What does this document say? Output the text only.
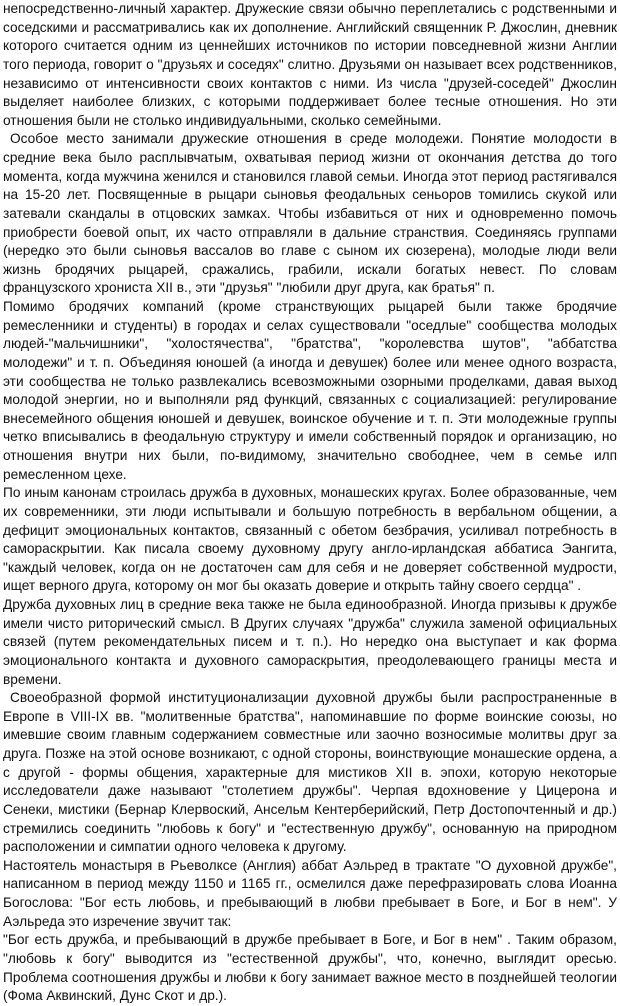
непосредственно-личный характер. Дружеские связи обычно переплетались с родственными и соседскими и рассматривались как их дополнение. Английский священник Р. Джослин, дневник которого считается одним из ценнейших источников по истории повседневной жизни Англии того периода, говорит о "друзьях и соседях" слитно. Друзьями он называет всех родственников, независимо от интенсивности своих контактов с ними. Из числа "друзей-соседей" Джослин выделяет наиболее близких, с которыми поддерживает более тесные отношения. Но эти отношения были не столько индивидуальными, сколько семейными.

Особое место занимали дружеские отношения в среде молодежи. Понятие молодости в средние века было расплывчатым, охватывая период жизни от окончания детства до того момента, когда мужчина женился и становился главой семьи. Иногда этот период растягивался на 15-20 лет. Посвященные в рыцари сыновья феодальных сеньоров томились скукой или затевали скандалы в отцовских замках. Чтобы избавиться от них и одновременно помочь приобрести боевой опыт, их часто отправляли в дальние странствия. Соединяясь группами (нередко это были сыновья вассалов во главе с сыном их сюзерена), молодые люди вели жизнь бродячих рыцарей, сражались, грабили, искали богатых невест. По словам французского хрониста XII в., эти "друзья" "любили друг друга, как братья" п.

Помимо бродячих компаний (кроме странствующих рыцарей были также бродячие ремесленники и студенты) в городах и селах существовали "оседлые" сообщества молодых людей-"мальчишники", "холостячества", "братства", "королевства шутов", "аббатства молодежи" и т. п. Объединяя юношей (а иногда и девушек) более или менее одного возраста, эти сообщества не только развлекались всевозможными озорными проделками, давая выход молодой энергии, но и выполняли ряд функций, связанных с социализацией: регулирование внесемейного общения юношей и девушек, воинское обучение и т. п. Эти молодежные группы четко вписывались в феодальную структуру и имели собственный порядок и организацию, но отношения внутри них были, по-видимому, значительно свободнее, чем в семье илп ремесленном цехе.

По иным канонам строилась дружба в духовных, монашеских кругах. Более образованные, чем их современники, эти люди испытывали и большую потребность в вербальном общении, а дефицит эмоциональных контактов, связанный с обетом безбрачия, усиливал потребность в самораскрытии. Как писала своему духовному другу англо-ирландская аббатиса Эангита, "каждый человек, когда он не достаточен сам для себя и не доверяет собственной мудрости, ищет верного друга, которому он мог бы оказать доверие и открыть тайну своего сердца" .

Дружба духовных лиц в средние века также не была единообразной. Иногда призывы к дружбе имели чисто риторический смысл. В Других случаях "дружба" служила заменой официальных связей (путем рекомендательных писем и т. п.). Но нередко она выступает и как форма эмоционального контакта и духовного самораскрытия, преодолевающего границы места и времени.

Своеобразной формой институционализации духовной дружбы были распространенные в Европе в VIII-IX вв. "молитвенные братства", напоминавшие по форме воинские союзы, но имевшие своим главным содержанием совместные или заочно возносимые молитвы друг за друга. Позже на этой основе возникают, с одной стороны, воинствующие монашеские ордена, а с другой - формы общения, характерные для мистиков XII в. эпохи, которую некоторые исследователи даже называют "столетием дружбы". Черпая вдохновение у Цицерона и Сенеки, мистики (Бернар Клервоский, Ансельм Кентерберийский, Петр Достопочтенный и др.) стремились соединить "любовь к богу" и "естественную дружбу", основанную на природном расположении и симпатии одного человека к другому.

Настоятель монастыря в Рьеволксе (Англия) аббат Аэльред в трактате "О духовной дружбе", написанном в период между 1150 и 1165 гг., осмелился даже перефразировать слова Иоанна Богослова: "Бог есть любовь, и пребывающий в любви пребывает в Боге, и Бог в нем". У Аэльреда это изречение звучит так:

"Бог есть дружба, и пребывающий в дружбе пребывает в Боге, и Бог в нем" . Таким образом, "любовь к богу" выводится из "естественной дружбы", что, конечно, выглядит оресью. Проблема соотношения дружбы и любви к богу занимает важное место в позднейшей теологии (Фома Аквинский, Дунс Скот и др.).
